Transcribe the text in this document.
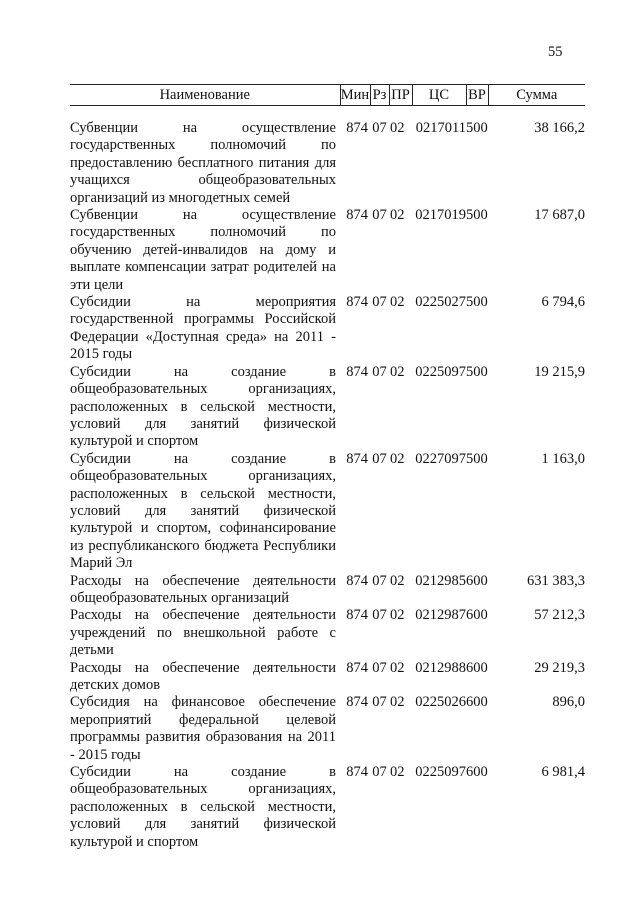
55
Наименование	Мин	Рз	ПР	ЦС	ВР	Сумма

Субвенции на осуществление государственных полномочий по предоставлению бесплатного питания для учащихся общеобразовательных организаций из многодетных семей	874	07	02	0217011	500	38 166,2
Субвенции на осуществление государственных полномочий по обучению детей-инвалидов на дому и выплате компенсации затрат родителей на эти цели	874	07	02	0217019	500	17 687,0
Субсидии на мероприятия государственной программы Российской Федерации «Доступная среда» на 2011 - 2015 годы	874	07	02	0225027	500	6 794,6
Субсидии на создание в общеобразовательных организациях, расположенных в сельской местности, условий для занятий физической культурой и спортом	874	07	02	0225097	500	19 215,9
Субсидии на создание в общеобразовательных организациях, расположенных в сельской местности, условий для занятий физической культурой и спортом, софинансирование из республиканского бюджета Республики Марий Эл	874	07	02	0227097	500	1 163,0
Расходы на обеспечение деятельности общеобразовательных организаций	874	07	02	0212985	600	631 383,3
Расходы на обеспечение деятельности учреждений по внешкольной работе с детьми	874	07	02	0212987	600	57 212,3
Расходы на обеспечение деятельности детских домов	874	07	02	0212988	600	29 219,3
Субсидия на финансовое обеспечение мероприятий федеральной целевой программы развития образования на 2011 - 2015 годы	874	07	02	0225026	600	896,0
Субсидии на создание в общеобразовательных организациях, расположенных в сельской местности, условий для занятий физической культурой и спортом	874	07	02	0225097	600	6 981,4
